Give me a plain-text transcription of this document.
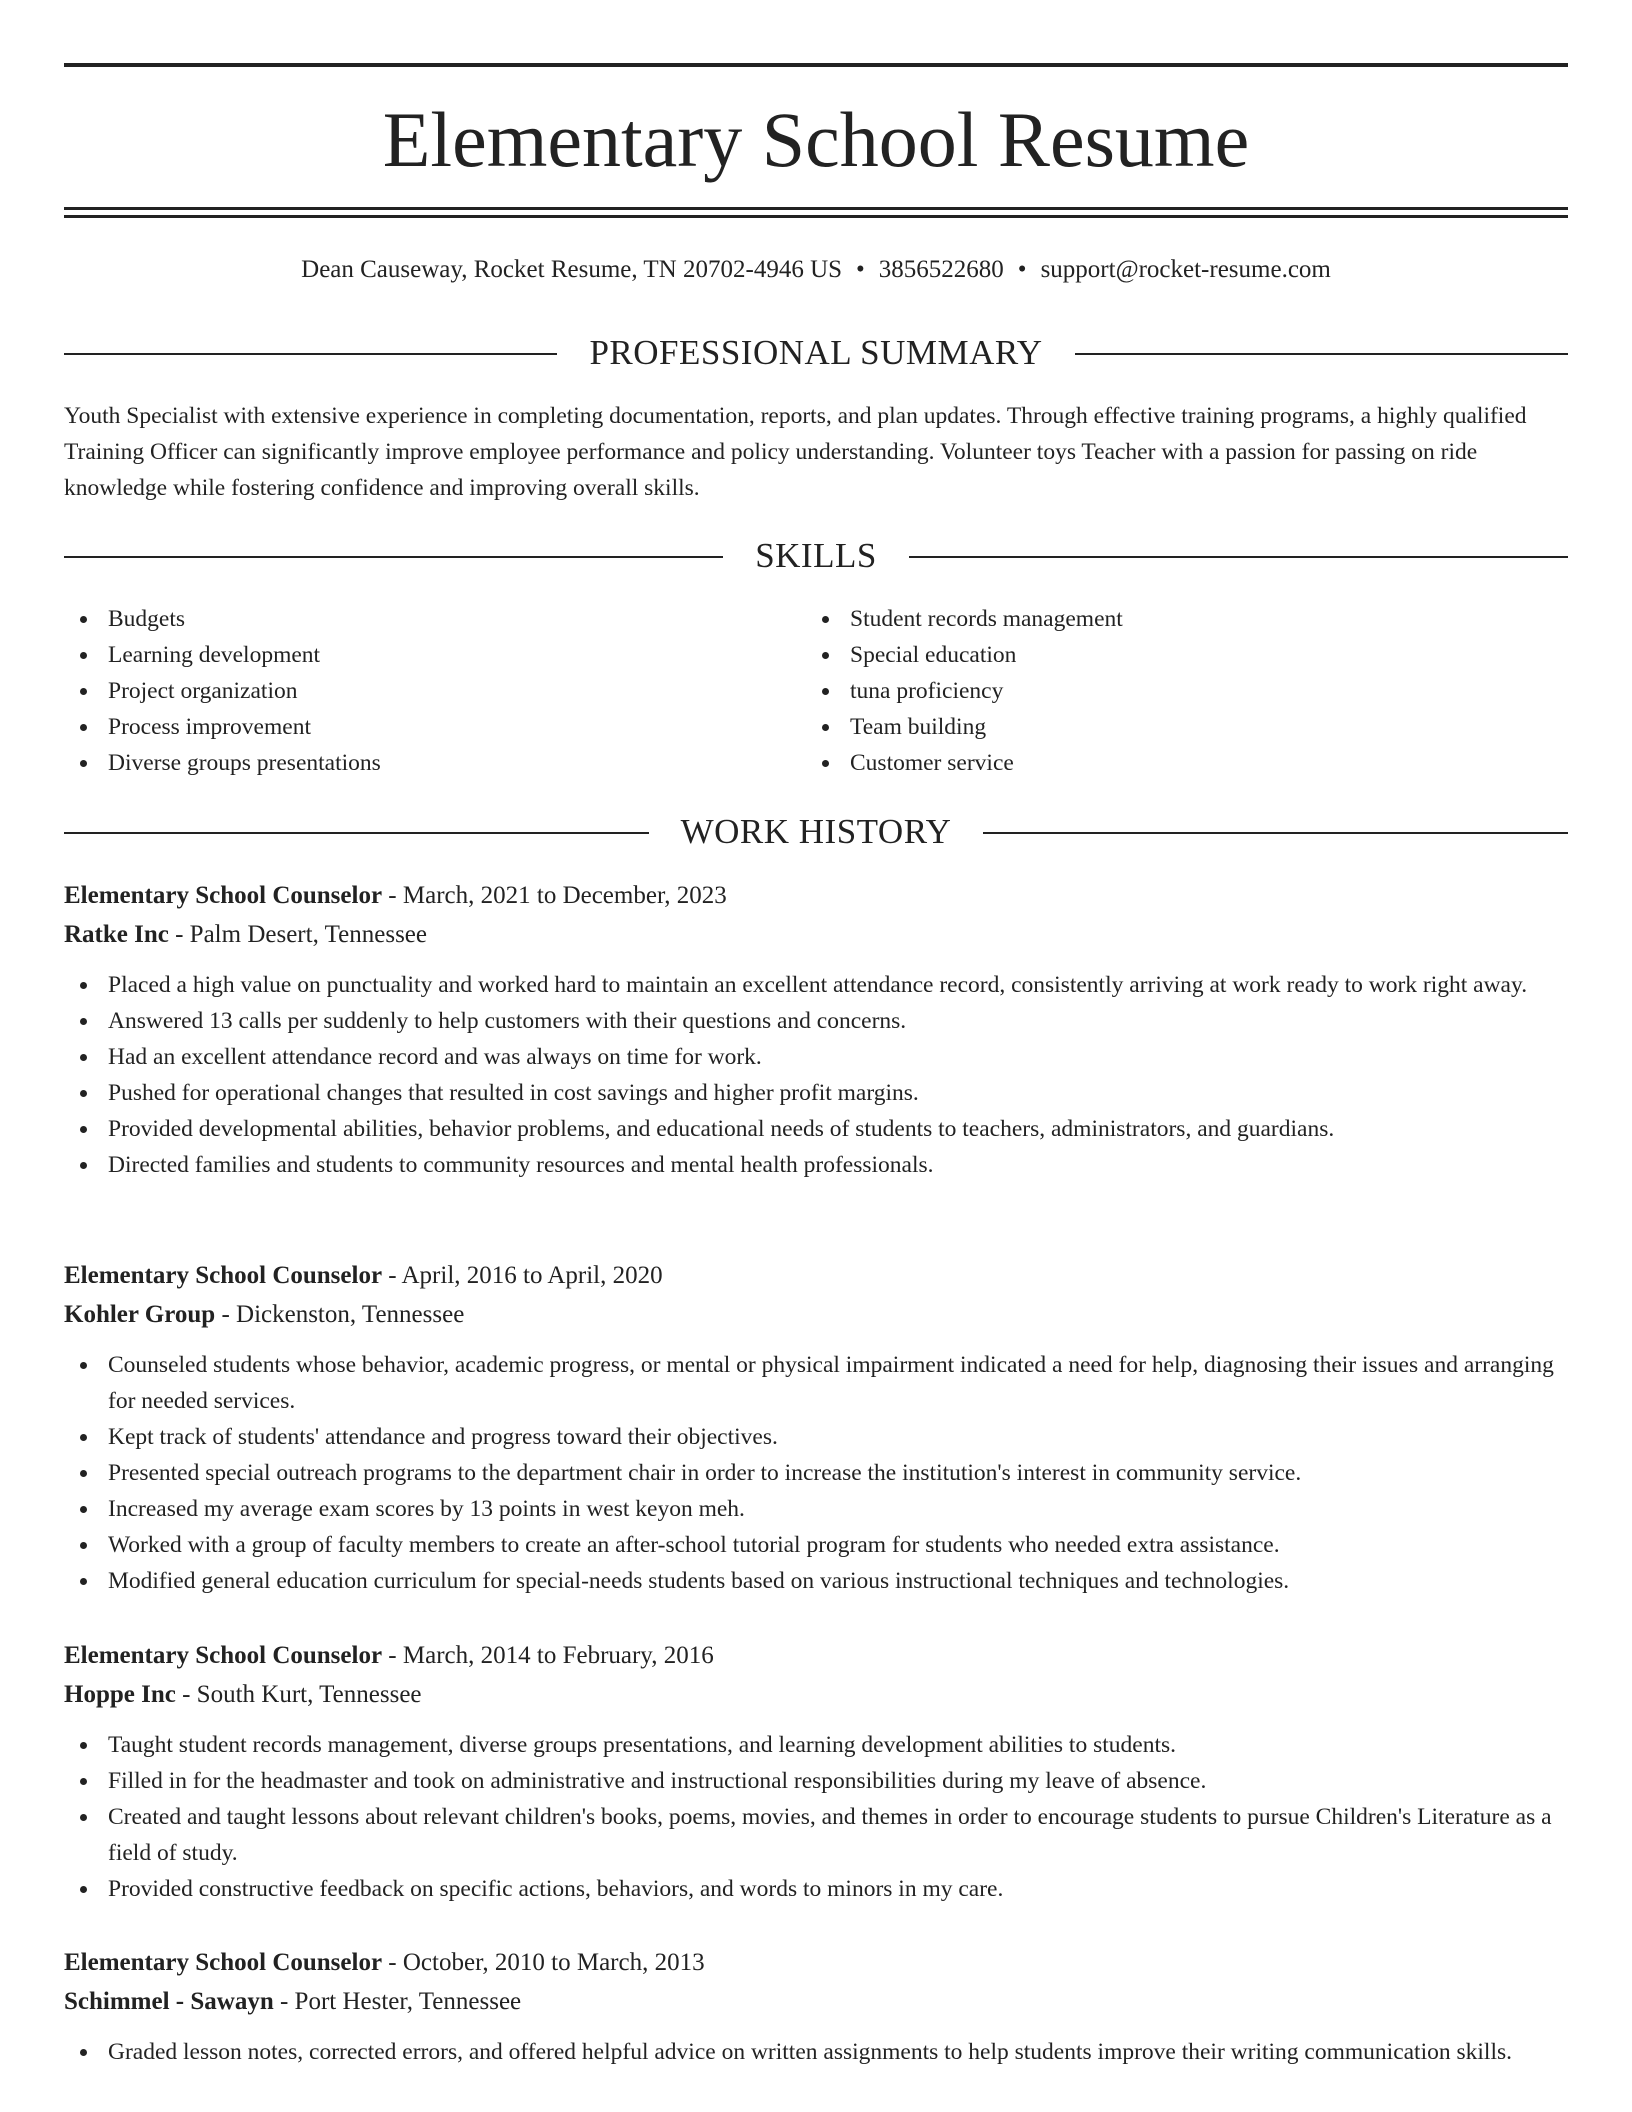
Elementary School Resume
Dean Causeway, Rocket Resume, TN 20702-4946 US • 3856522680 • support@rocket-resume.com
PROFESSIONAL SUMMARY
Youth Specialist with extensive experience in completing documentation, reports, and plan updates. Through effective training programs, a highly qualified Training Officer can significantly improve employee performance and policy understanding. Volunteer toys Teacher with a passion for passing on ride knowledge while fostering confidence and improving overall skills.
SKILLS
Budgets
Learning development
Project organization
Process improvement
Diverse groups presentations
Student records management
Special education
tuna proficiency
Team building
Customer service
WORK HISTORY
Elementary School Counselor - March, 2021 to December, 2023
Ratke Inc - Palm Desert, Tennessee
Placed a high value on punctuality and worked hard to maintain an excellent attendance record, consistently arriving at work ready to work right away.
Answered 13 calls per suddenly to help customers with their questions and concerns.
Had an excellent attendance record and was always on time for work.
Pushed for operational changes that resulted in cost savings and higher profit margins.
Provided developmental abilities, behavior problems, and educational needs of students to teachers, administrators, and guardians.
Directed families and students to community resources and mental health professionals.
Elementary School Counselor - April, 2016 to April, 2020
Kohler Group - Dickenston, Tennessee
Counseled students whose behavior, academic progress, or mental or physical impairment indicated a need for help, diagnosing their issues and arranging for needed services.
Kept track of students' attendance and progress toward their objectives.
Presented special outreach programs to the department chair in order to increase the institution's interest in community service.
Increased my average exam scores by 13 points in west keyon meh.
Worked with a group of faculty members to create an after-school tutorial program for students who needed extra assistance.
Modified general education curriculum for special-needs students based on various instructional techniques and technologies.
Elementary School Counselor - March, 2014 to February, 2016
Hoppe Inc - South Kurt, Tennessee
Taught student records management, diverse groups presentations, and learning development abilities to students.
Filled in for the headmaster and took on administrative and instructional responsibilities during my leave of absence.
Created and taught lessons about relevant children's books, poems, movies, and themes in order to encourage students to pursue Children's Literature as a field of study.
Provided constructive feedback on specific actions, behaviors, and words to minors in my care.
Elementary School Counselor - October, 2010 to March, 2013
Schimmel - Sawayn - Port Hester, Tennessee
Graded lesson notes, corrected errors, and offered helpful advice on written assignments to help students improve their writing communication skills.
